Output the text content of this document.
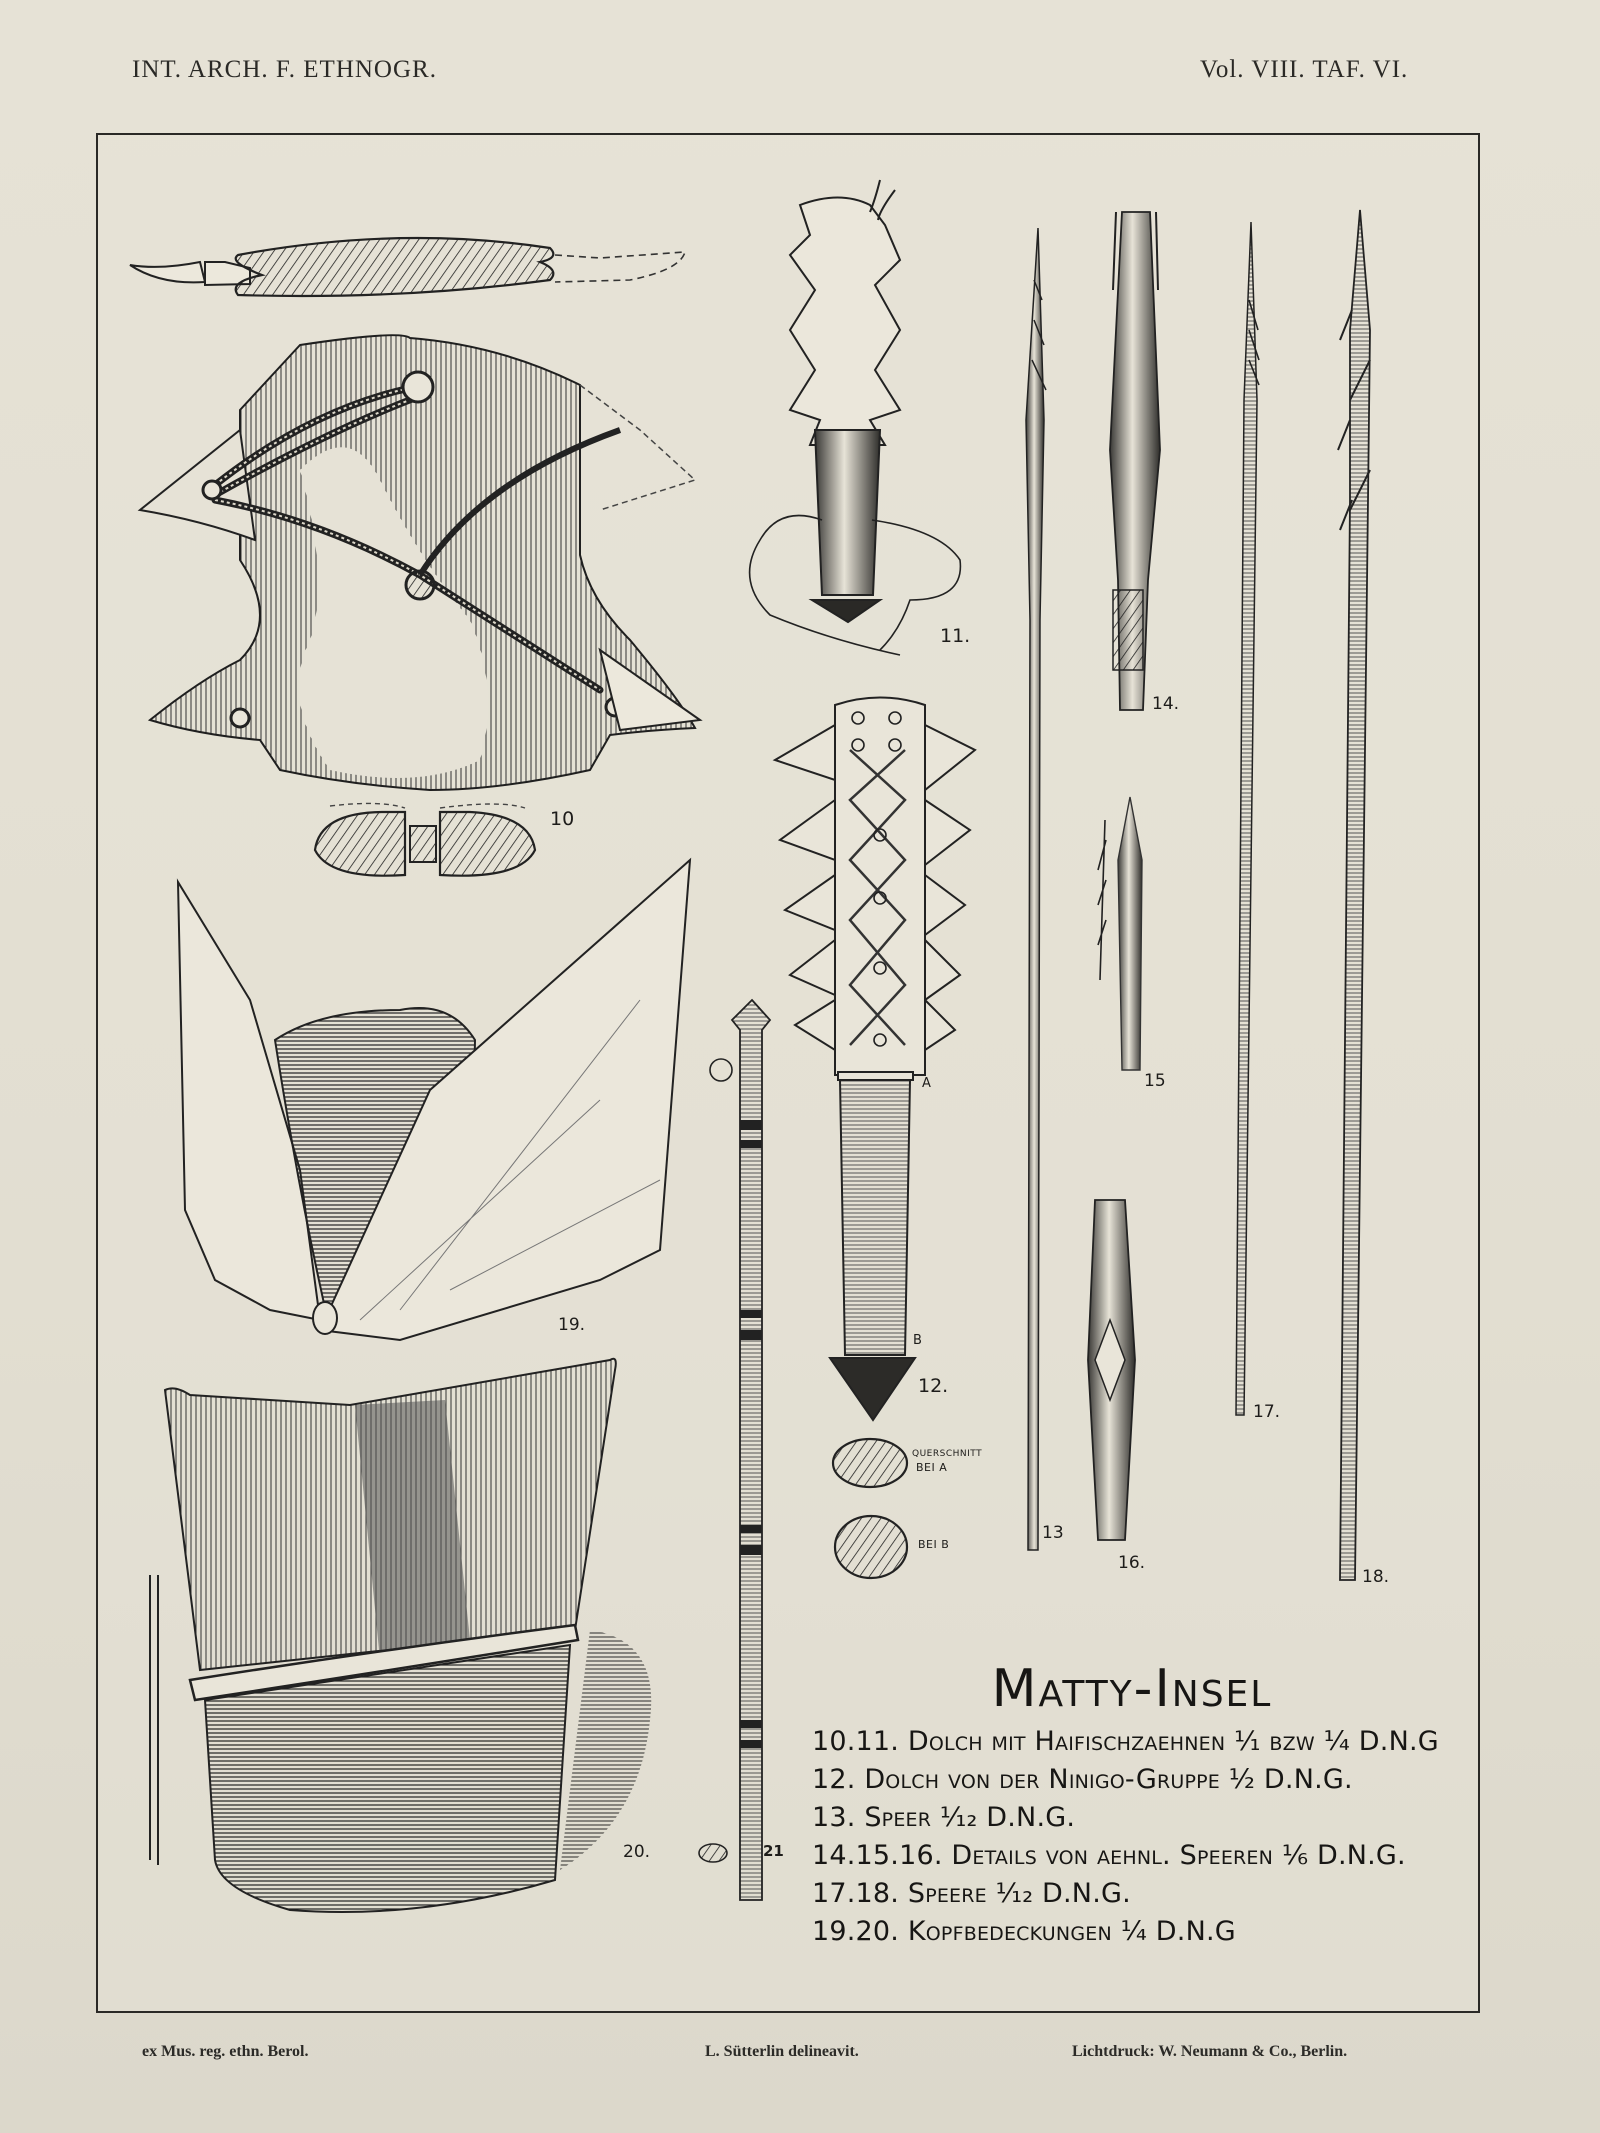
INT. ARCH. F. ETHNOGR.	Vol. VIII. TAF. VI.
10
11.
12.
13
14.
15
16.
17.
18.
19.
20.	21
A
B
QUERSCHNITT
BEI A
BEI B
Matty-Insel
10.11. Dolch mit Haifischzaehnen ⅟₁ bzw ¼ D.N.G
12. Dolch von der Ninigo-Gruppe ½ D.N.G.
13. Speer ⅟₁₂ D.N.G.
14.15.16. Details von aehnl. Speeren ⅙ D.N.G.
17.18. Speere ⅟₁₂ D.N.G.
19.20. Kopfbedeckungen ¼ D.N.G
ex Mus. reg. ethn. Berol.	L. Sütterlin delineavit.	Lichtdruck: W. Neumann & Co., Berlin.
